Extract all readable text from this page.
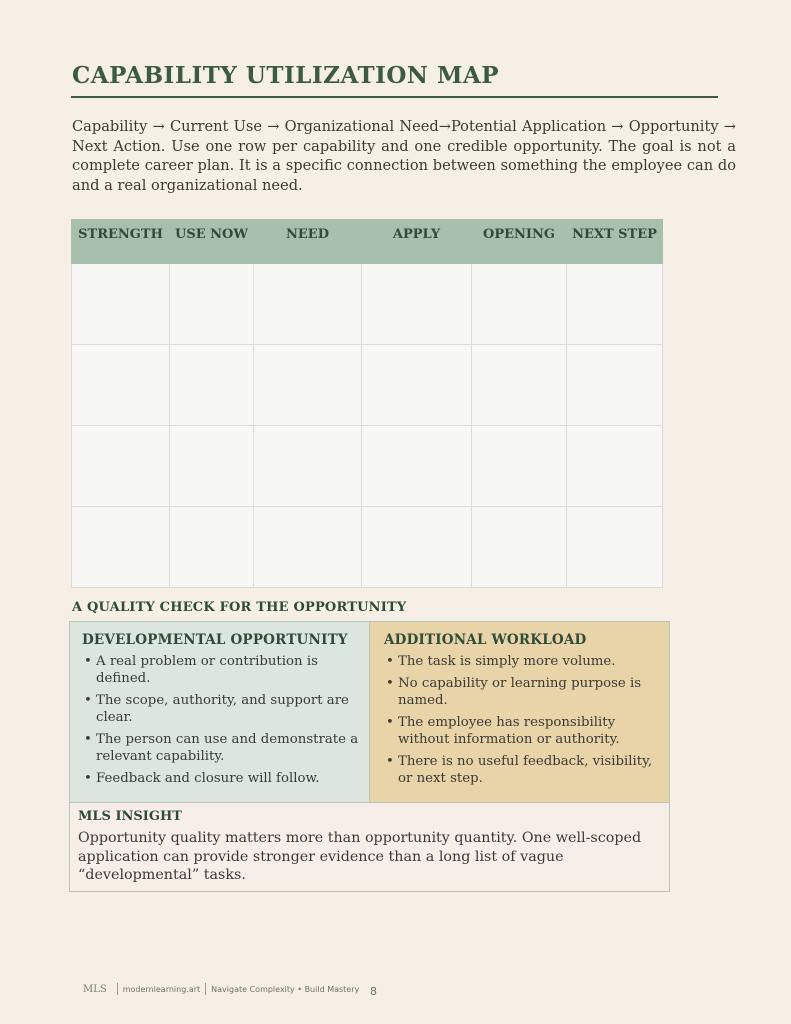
CAPABILITY UTILIZATION MAP

Capability → Current Use → Organizational Need→Potential Application → Opportunity → Next Action. Use one row per capability and one credible opportunity. The goal is not a complete career plan. It is a specific connection between something the employee can do and a real organizational need.

STRENGTH	USE NOW	NEED	APPLY	OPENING	NEXT STEP

A QUALITY CHECK FOR THE OPPORTUNITY
DEVELOPMENTAL OPPORTUNITY
• A real problem or contribution is defined.
• The scope, authority, and support are clear.
• The person can use and demonstrate a relevant capability.
• Feedback and closure will follow.
ADDITIONAL WORKLOAD
• The task is simply more volume.
• No capability or learning purpose is named.
• The employee has responsibility without information or authority.
• There is no useful feedback, visibility, or next step.
MLS INSIGHT

Opportunity quality matters more than opportunity quantity. One well-scoped application can provide stronger evidence than a long list of vague “developmental” tasks.

MLS modernlearning.art Navigate Complexity • Build Mastery 8
